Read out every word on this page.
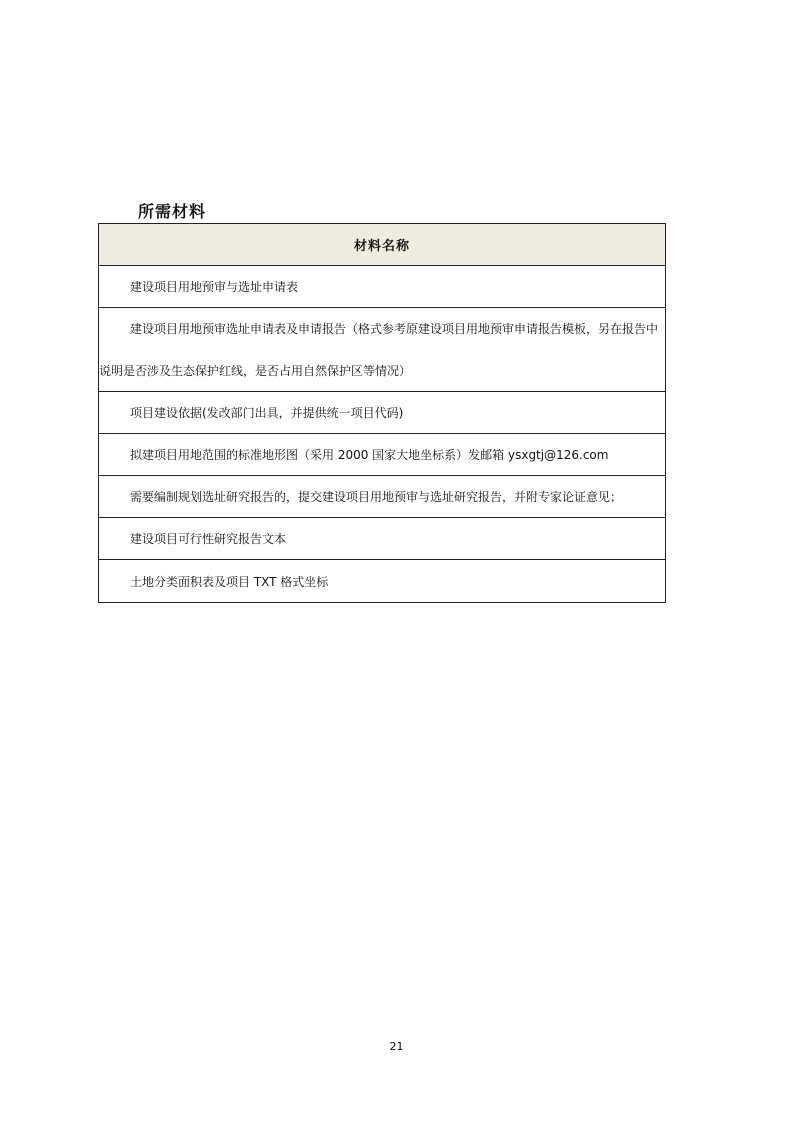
所需材料
材料名称
建设项目用地预审与选址申请表
建设项目用地预审选址申请表及申请报告（格式参考原建设项目用地预审申请报告模板，另在报告中说明是否涉及生态保护红线，是否占用自然保护区等情况）
项目建设依据(发改部门出具，并提供统一项目代码)
拟建项目用地范围的标准地形图（采用 2000 国家大地坐标系）发邮箱 ysxgtj@126.com
需要编制规划选址研究报告的，提交建设项目用地预审与选址研究报告，并附专家论证意见；
建设项目可行性研究报告文本
土地分类面积表及项目 TXT 格式坐标
21
